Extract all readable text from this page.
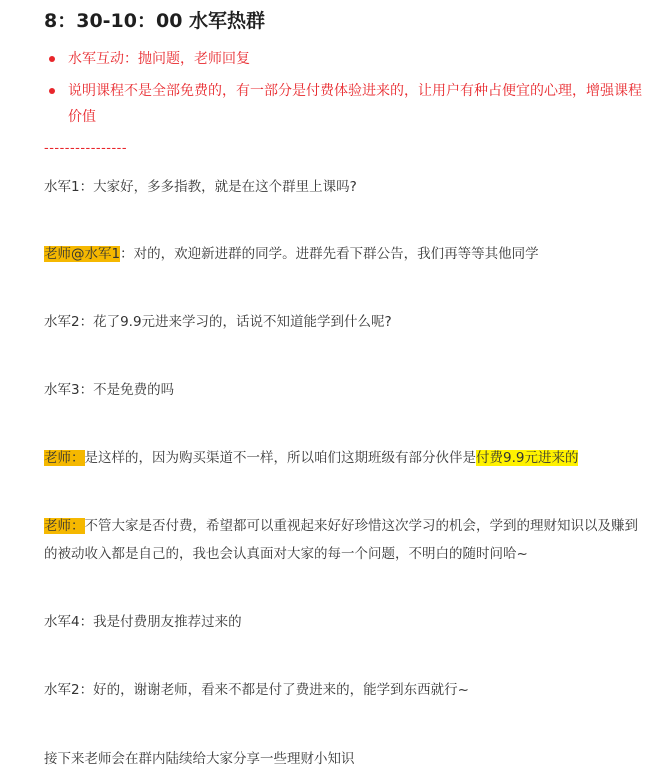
8：30-10：00 水军热群
水军互动：抛问题，老师回复
说明课程不是全部免费的，有一部分是付费体验进来的，让用户有种占便宜的心理，增强课程价值
----------------
水军1：大家好，多多指教，就是在这个群里上课吗?
老师@水军1：对的，欢迎新进群的同学。进群先看下群公告，我们再等等其他同学
水军2：花了9.9元进来学习的，话说不知道能学到什么呢?
水军3：不是免费的吗
老师：是这样的，因为购买渠道不一样，所以咱们这期班级有部分伙伴是付费9.9元进来的
老师：不管大家是否付费，希望都可以重视起来好好珍惜这次学习的机会，学到的理财知识以及赚到的被动收入都是自己的，我也会认真面对大家的每一个问题，不明白的随时问哈~
水军4：我是付费朋友推荐过来的
水军2：好的，谢谢老师，看来不都是付了费进来的，能学到东西就行~
接下来老师会在群内陆续给大家分享一些理财小知识
